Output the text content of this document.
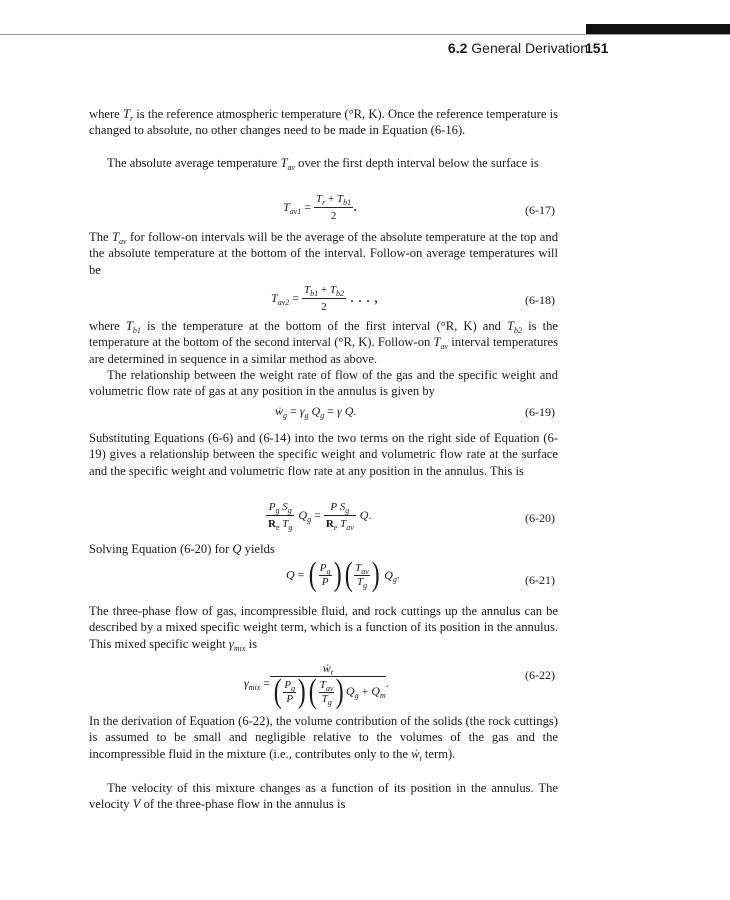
6.2 General Derivation
151

where $T_r$ is the reference atmospheric temperature (°R, K). Once the reference temperature is changed to absolute, no other changes need to be made in Equation (6-16).

The absolute average temperature $T_{av}$ over the first depth interval below the surface is

$T_{av1} = \frac{T_r + T_{b1}}{2}$ .	(6-17)

The $T_{av}$ for follow-on intervals will be the average of the absolute temperature at the top and the absolute temperature at the bottom of the interval. Follow-on average temperatures will be

$T_{av2} = \frac{T_{b1} + T_{b2}}{2}$ . . . ,	(6-18)

where $T_{b1}$ is the temperature at the bottom of the first interval (°R, K) and $T_{b2}$ is the temperature at the bottom of the second interval (°R, K). Follow-on $T_{av}$ interval temperatures are determined in sequence in a similar method as above.

The relationship between the weight rate of flow of the gas and the specific weight and volumetric flow rate of gas at any position in the annulus is given by

ẇ$_g$ = $\gamma_g$ $Q_g = \gamma$ Q.	(6-19)

Substituting Equations (6-6) and (6-14) into the two terms on the right side of Equation (6-19) gives a relationship between the specific weight and volumetric flow rate at the surface and the specific weight and volumetric flow rate at any position in the annulus. This is

$\frac{P_g S_g}{R_e T_g} Q_g = \frac{P S_g}{R_e T_{av}} Q$.	(6-20)

Solving Equation (6-20) for Q yields

Q = ( $\frac{P_g}{P}$ )( $\frac{T_{av}}{T_g}$ ) $Q_g$.	(6-21)

The three-phase flow of gas, incompressible fluid, and rock cuttings up the annulus can be described by a mixed specific weight term, which is a function of its position in the annulus. This mixed specific weight $\gamma_{mix}$ is

$\gamma_{mix}$ =
ẇ$_t$
( $\frac{P_g}{P}$ )( $\frac{T_{av}}{T_g}$ ) $Q_g + Q_m$
.
(6-22)

In the derivation of Equation (6-22), the volume contribution of the solids (the rock cuttings) is assumed to be small and negligible relative to the volumes of the gas and the incompressible fluid in the mixture (i.e., contributes only to the ẇ$_t$ term).

The velocity of this mixture changes as a function of its position in the annulus. The velocity V of the three-phase flow in the annulus is
